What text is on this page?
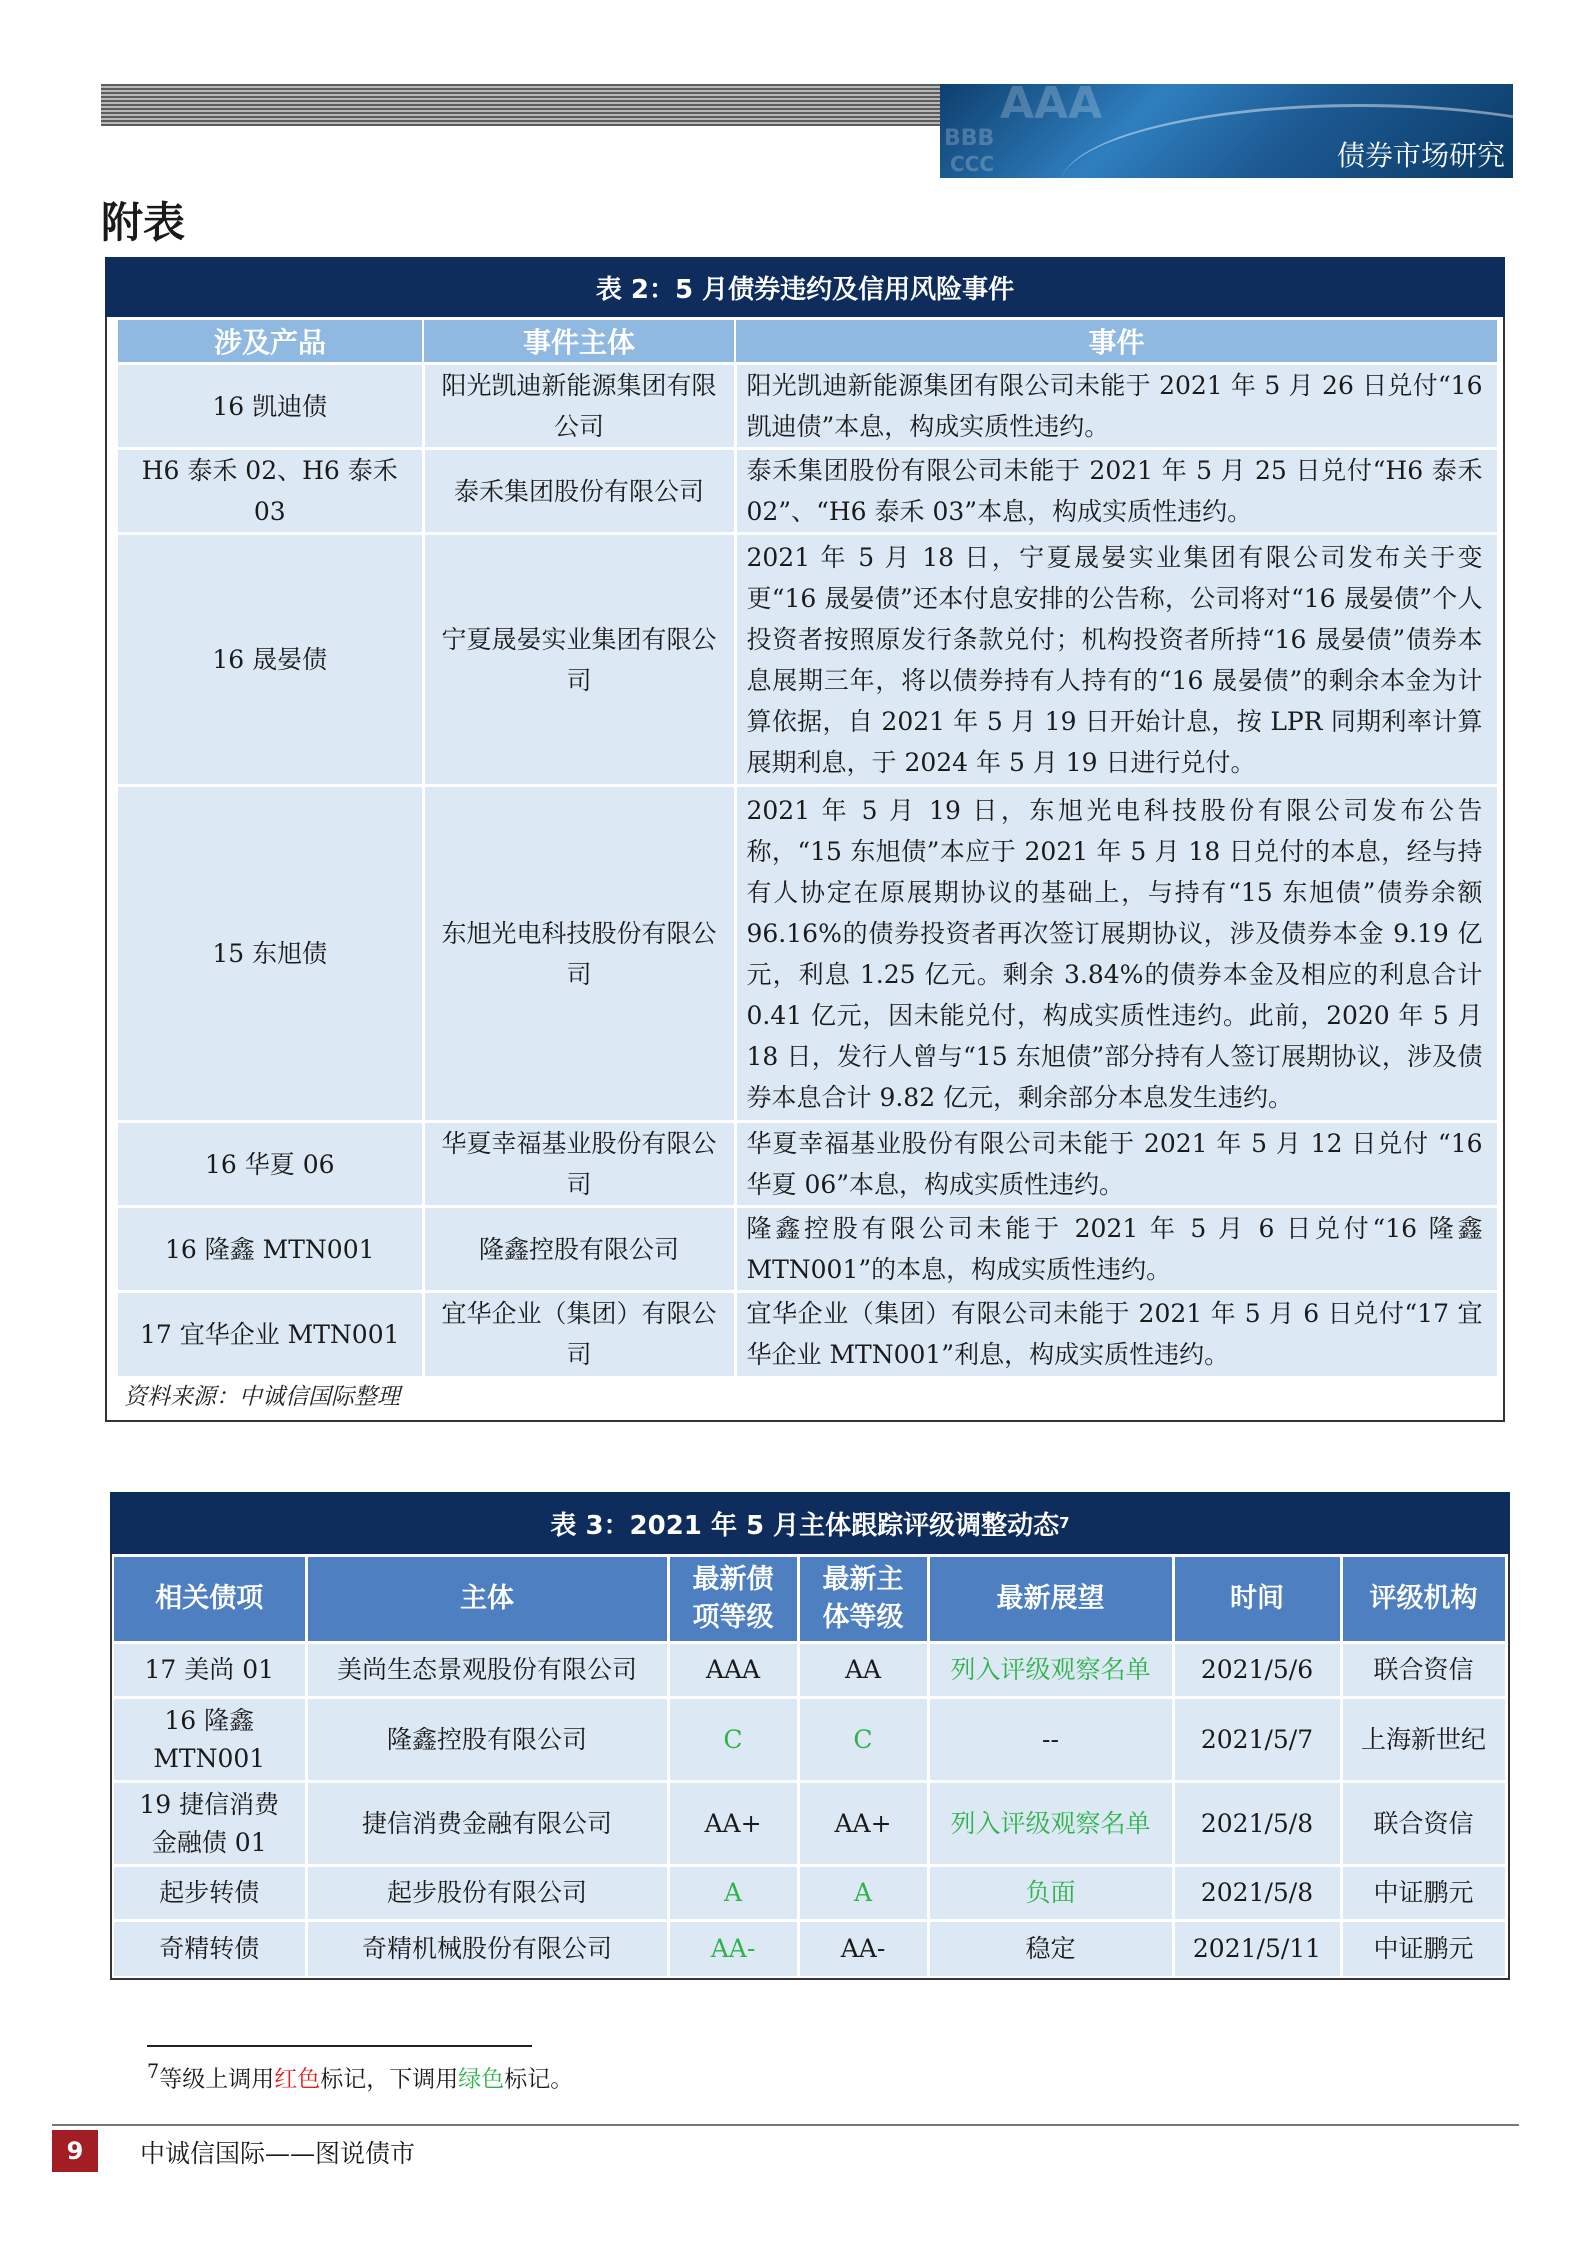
AAA
BBB
CCC	债券市场研究
附表
表 2：5 月债券违约及信用风险事件
涉及产品	事件主体	事件
16 凯迪债	阳光凯迪新能源集团有限公司	阳光凯迪新能源集团有限公司未能于 2021 年 5 月 26 日兑付“16 凯迪债”本息，构成实质性违约。
H6 泰禾 02、H6 泰禾 03	泰禾集团股份有限公司	泰禾集团股份有限公司未能于 2021 年 5 月 25 日兑付“H6 泰禾 02”、“H6 泰禾 03”本息，构成实质性违约。
16 晟晏债	宁夏晟晏实业集团有限公司	2021 年 5 月 18 日，宁夏晟晏实业集团有限公司发布关于变更“16 晟晏债”还本付息安排的公告称，公司将对“16 晟晏债”个人投资者按照原发行条款兑付；机构投资者所持“16 晟晏债”债券本息展期三年，将以债券持有人持有的“16 晟晏债”的剩余本金为计算依据，自 2021 年 5 月 19 日开始计息，按 LPR 同期利率计算展期利息，于 2024 年 5 月 19 日进行兑付。
15 东旭债	东旭光电科技股份有限公司	2021 年 5 月 19 日，东旭光电科技股份有限公司发布公告称，“15 东旭债”本应于 2021 年 5 月 18 日兑付的本息，经与持有人协定在原展期协议的基础上，与持有“15 东旭债”债券余额 96.16%的债券投资者再次签订展期协议，涉及债券本金 9.19 亿元，利息 1.25 亿元。剩余 3.84%的债券本金及相应的利息合计 0.41 亿元，因未能兑付，构成实质性违约。此前，2020 年 5 月 18 日，发行人曾与“15 东旭债”部分持有人签订展期协议，涉及债券本息合计 9.82 亿元，剩余部分本息发生违约。
16 华夏 06	华夏幸福基业股份有限公司	华夏幸福基业股份有限公司未能于 2021 年 5 月 12 日兑付 “16 华夏 06”本息，构成实质性违约。
16 隆鑫 MTN001	隆鑫控股有限公司	隆鑫控股有限公司未能于 2021 年 5 月 6 日兑付“16 隆鑫 MTN001”的本息，构成实质性违约。
17 宜华企业 MTN001	宜华企业（集团）有限公司	宜华企业（集团）有限公司未能于 2021 年 5 月 6 日兑付“17 宜华企业 MTN001”利息，构成实质性违约。
资料来源：中诚信国际整理
表 3：2021 年 5 月主体跟踪评级调整动态 7
相关债项	主体	最新债项等级	最新主体等级	最新展望	时间	评级机构
17 美尚 01	美尚生态景观股份有限公司	AAA	AA	列入评级观察名单	2021/5/6	联合资信
16 隆鑫 MTN001	隆鑫控股有限公司	C	C	--	2021/5/7	上海新世纪
19 捷信消费金融债 01	捷信消费金融有限公司	AA+	AA+	列入评级观察名单	2021/5/8	联合资信
起步转债	起步股份有限公司	A	A	负面	2021/5/8	中证鹏元
奇精转债	奇精机械股份有限公司	AA-	AA-	稳定	2021/5/11	中证鹏元
$^7$等级上调用红色标记，下调用绿色标记。
9	中诚信国际——图说债市
